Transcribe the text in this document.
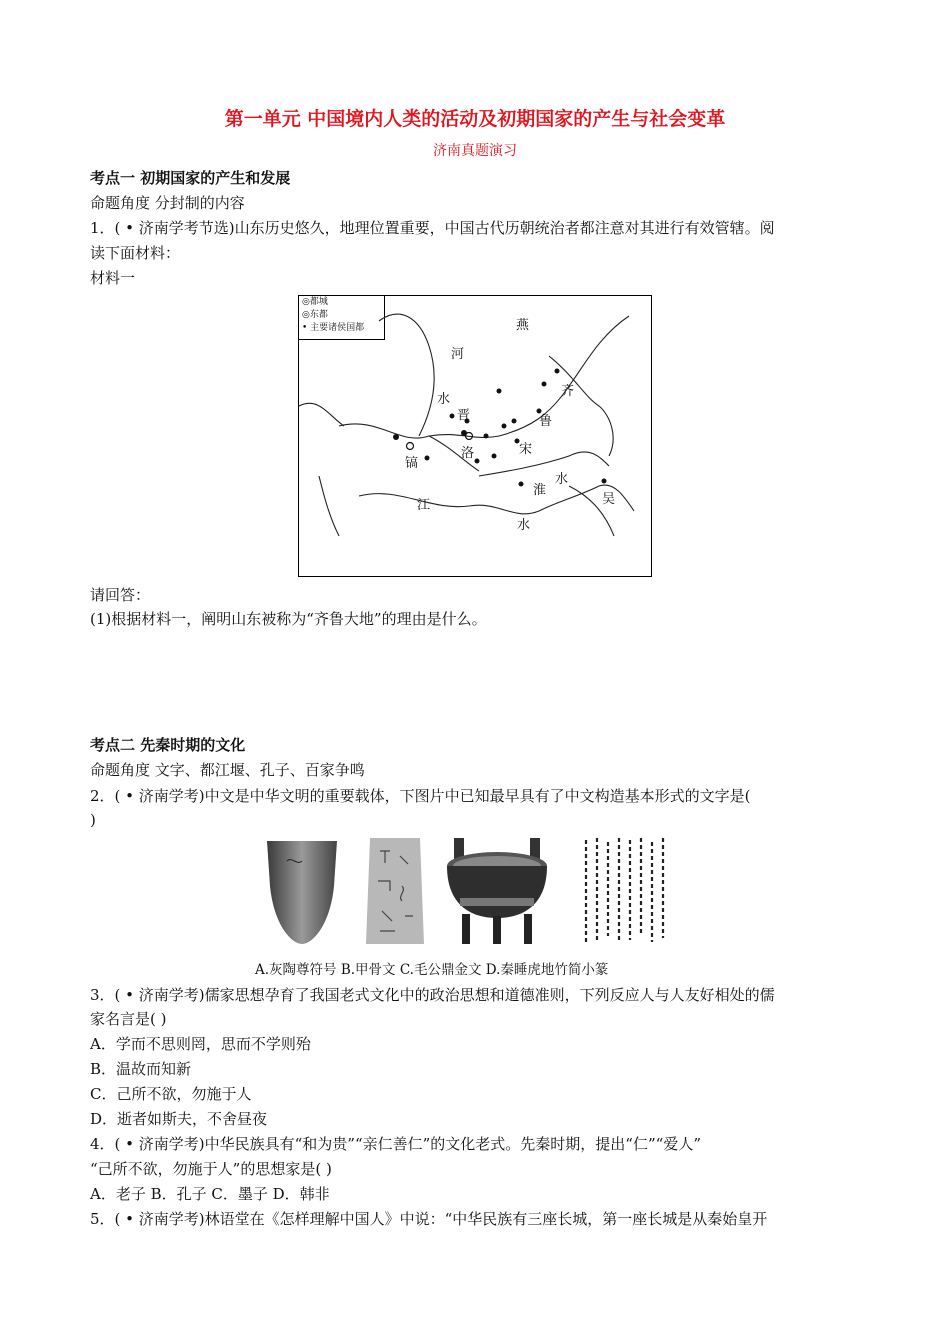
第一单元 中国境内人类的活动及初期国家的产生与社会变革
济南真题演习
考点一 初期国家的产生和发展
命题角度 分封制的内容
1．( • 济南学考节选)山东历史悠久，地理位置重要，中国古代历朝统治者都注意对其进行有效管辖。阅
读下面材料：
材料一
◎都城
◎东都
• 主要诸侯国都	燕
河
水
晋
齐
鲁
洛	宋
镐
淮
水
江
水
吴
请回答：
(1)根据材料一，阐明山东被称为“齐鲁大地”的理由是什么。
考点二 先秦时期的文化
命题角度 文字、都江堰、孔子、百家争鸣
2．( • 济南学考)中文是中华文明的重要载体，下图片中已知最早具有了中文构造基本形式的文字是(
)
A.灰陶尊符号 B.甲骨文 C.毛公鼎金文 D.秦睡虎地竹简小篆
3．( • 济南学考)儒家思想孕育了我国老式文化中的政治思想和道德准则，下列反应人与人友好相处的儒
家名言是( )
A．学而不思则罔，思而不学则殆
B．温故而知新
C．己所不欲，勿施于人
D．逝者如斯夫，不舍昼夜
4．( • 济南学考)中华民族具有“和为贵”“亲仁善仁”的文化老式。先秦时期，提出“仁”“爱人”
“己所不欲，勿施于人”的思想家是( )
A．老子 B．孔子 C．墨子 D．韩非
5．( • 济南学考)林语堂在《怎样理解中国人》中说：“中华民族有三座长城，第一座长城是从秦始皇开
